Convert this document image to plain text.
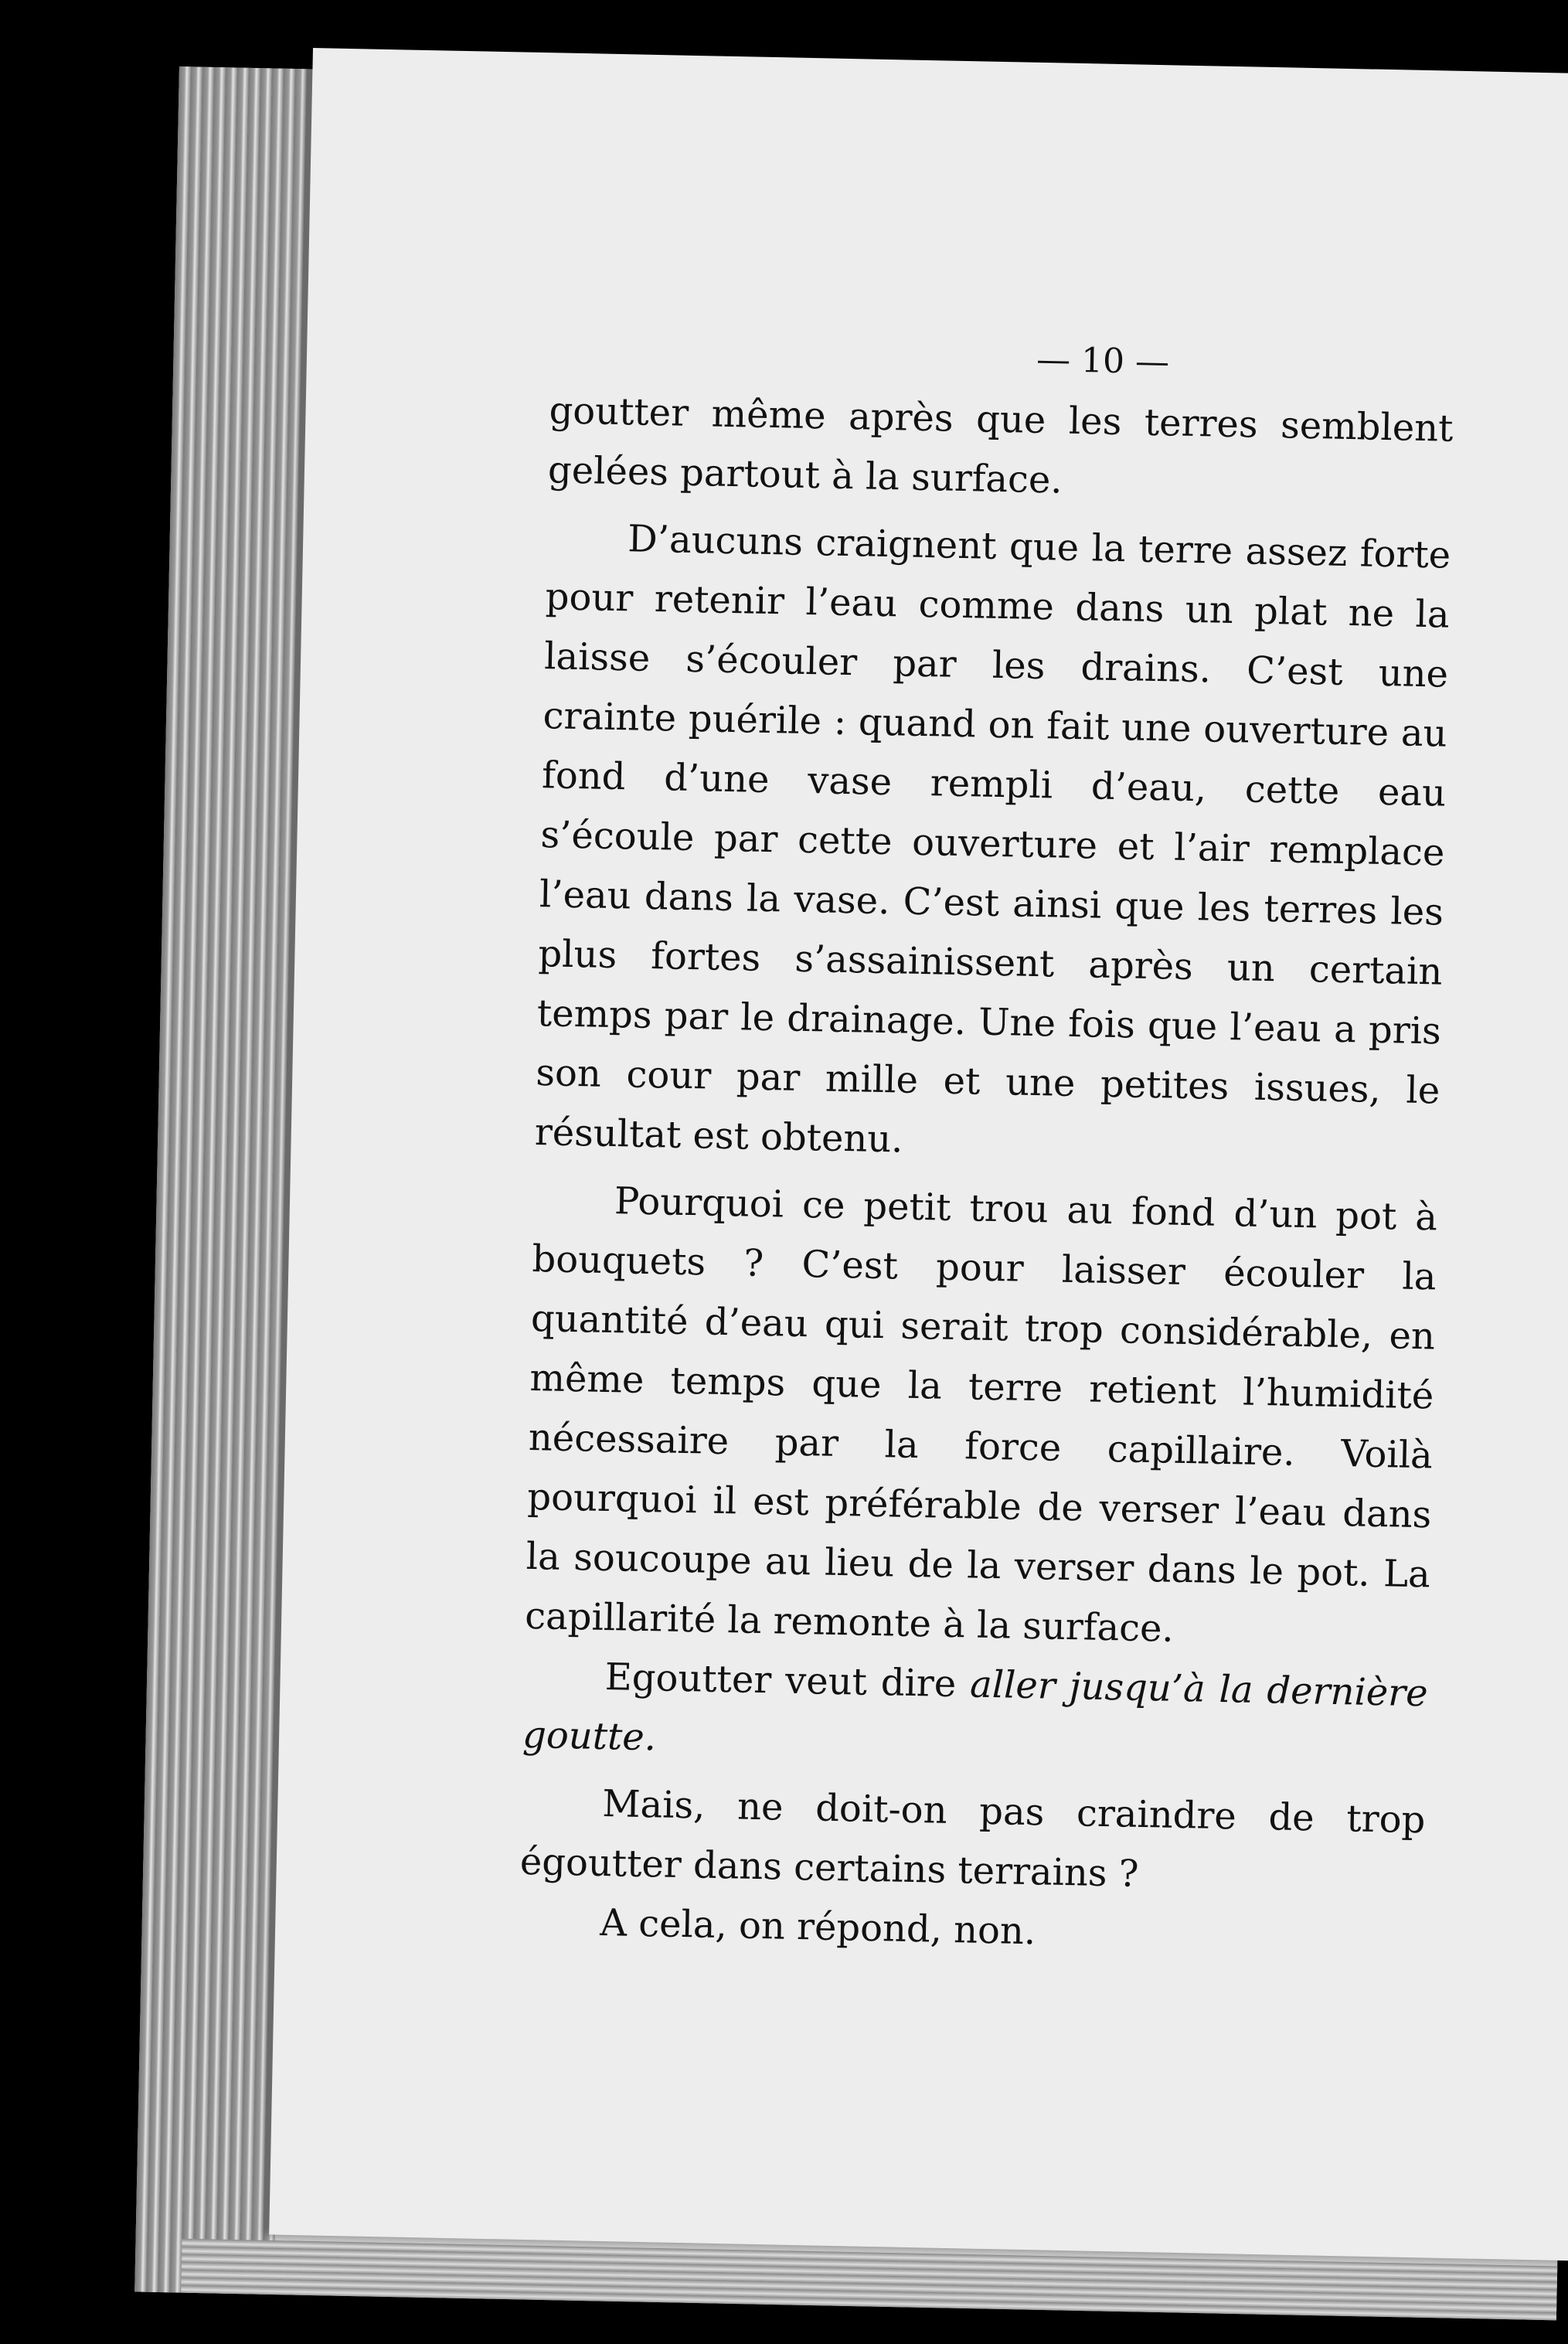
— 10 —

goutter même après que les terres semblent gelées partout à la surface.

D’aucuns craignent que la terre assez forte pour retenir l’eau comme dans un plat ne la laisse s’écouler par les drains. C’est une crainte puérile : quand on fait une ouverture au fond d’une vase rempli d’eau, cette eau s’écoule par cette ouverture et l’air remplace l’eau dans la vase. C’est ainsi que les terres les plus fortes s’assainissent après un certain temps par le drainage. Une fois que l’eau a pris son cour par mille et une petites issues, le résultat est obtenu.

Pourquoi ce petit trou au fond d’un pot à bouquets ? C’est pour laisser écouler la quantité d’eau qui serait trop considérable, en même temps que la terre retient l’humidité nécessaire par la force capillaire. Voilà pourquoi il est préférable de verser l’eau dans la soucoupe au lieu de la verser dans le pot. La capillarité la remonte à la surface.

Egoutter veut dire aller jusqu’à la dernière goutte.

Mais, ne doit-on pas craindre de trop égoutter dans certains terrains ?

A cela, on répond, non.
